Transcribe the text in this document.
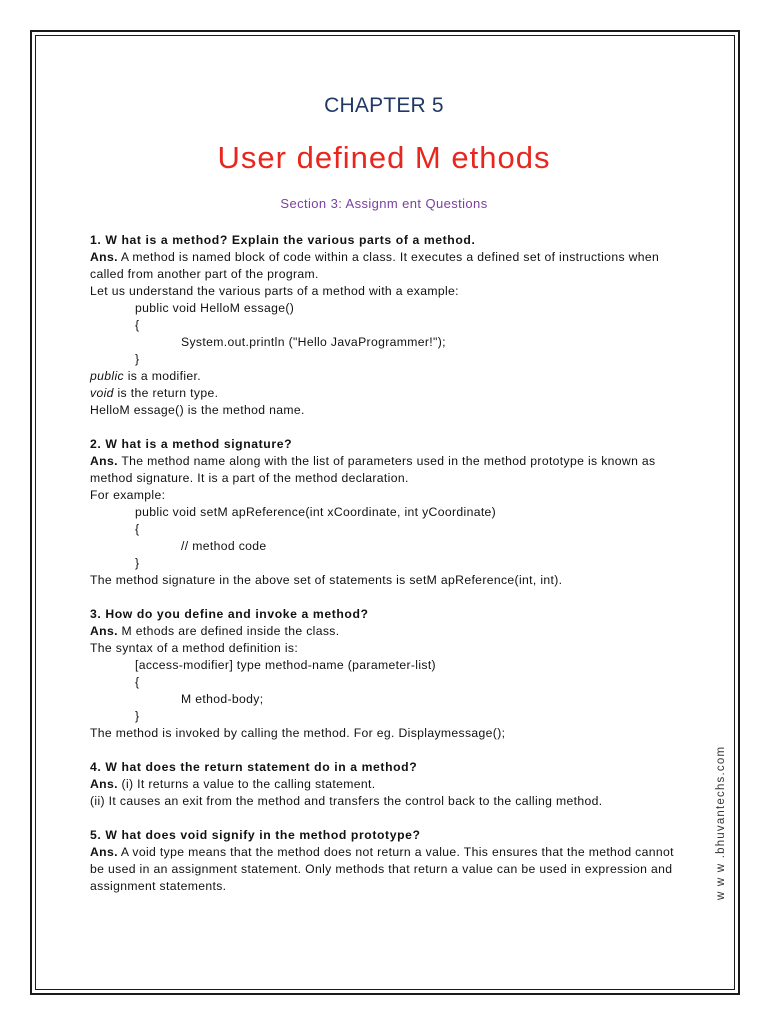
CHAPTER 5
User defined M ethods
Section 3: Assignm ent Questions

1. W hat is a method? Explain the various parts of a method.

Ans. A method is named block of code within a class. It executes a defined set of instructions when

called from another part of the program.

Let us understand the various parts of a method with a example:

public void HelloM essage()

{

System.out.println ("Hello JavaProgrammer!");

}

public is a modifier.

void is the return type.

HelloM essage() is the method name.

2. W hat is a method signature?

Ans. The method name along with the list of parameters used in the method prototype is known as

method signature. It is a part of the method declaration.

For example:

public void setM apReference(int xCoordinate, int yCoordinate)

{

// method code

}

The method signature in the above set of statements is setM apReference(int, int).

3. How do you define and invoke a method?

Ans. M ethods are defined inside the class.

The syntax of a method definition is:

[access-modifier] type method-name (parameter-list)

{

M ethod-body;

}

The method is invoked by calling the method. For eg. Displaymessage();

4. W hat does the return statement do in a method?

Ans. (i) It returns a value to the calling statement.

(ii) It causes an exit from the method and transfers the control back to the calling method.

5. W hat does void signify in the method prototype?

Ans. A void type means that the method does not return a value. This ensures that the method cannot

be used in an assignment statement. Only methods that return a value can be used in expression and

assignment statements.	w w w .bhuvantechs.com
